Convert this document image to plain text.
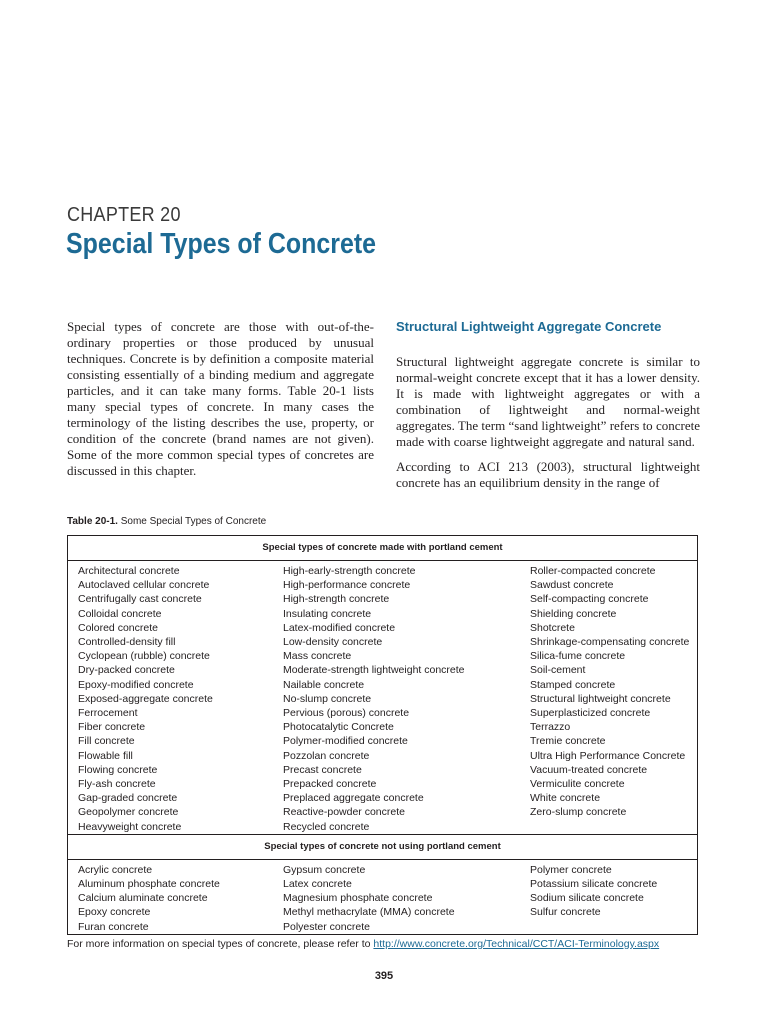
CHAPTER 20
Special Types of Concrete

Special types of concrete are those with out-of-the-ordinary properties or those produced by unusual techniques. Concrete is by definition a composite material consisting essentially of a binding medium and aggregate particles, and it can take many forms. Table 20-1 lists many special types of concrete. In many cases the terminology of the listing describes the use, property, or condition of the concrete (brand names are not given). Some of the more common special types of concretes are discussed in this chapter.

Structural Lightweight Aggregate Concrete

Structural lightweight aggregate concrete is similar to normal-weight concrete except that it has a lower density. It is made with lightweight aggregates or with a combination of lightweight and normal-weight aggregates. The term “sand lightweight” refers to concrete made with coarse lightweight aggregate and natural sand.

According to ACI 213 (2003), structural lightweight concrete has an equilibrium density in the range of

Table 20-1. Some Special Types of Concrete
Special types of concrete made with portland cement
Architectural concrete
Autoclaved cellular concrete
Centrifugally cast concrete
Colloidal concrete
Colored concrete
Controlled-density fill
Cyclopean (rubble) concrete
Dry-packed concrete
Epoxy-modified concrete
Exposed-aggregate concrete
Ferrocement
Fiber concrete
Fill concrete
Flowable fill
Flowing concrete
Fly-ash concrete
Gap-graded concrete
Geopolymer concrete
Heavyweight concrete
High-early-strength concrete
High-performance concrete
High-strength concrete
Insulating concrete
Latex-modified concrete
Low-density concrete
Mass concrete
Moderate-strength lightweight concrete
Nailable concrete
No-slump concrete
Pervious (porous) concrete
Photocatalytic Concrete
Polymer-modified concrete
Pozzolan concrete
Precast concrete
Prepacked concrete
Preplaced aggregate concrete
Reactive-powder concrete
Recycled concrete
Roller-compacted concrete
Sawdust concrete
Self-compacting concrete
Shielding concrete
Shotcrete
Shrinkage-compensating concrete
Silica-fume concrete
Soil-cement
Stamped concrete
Structural lightweight concrete
Superplasticized concrete
Terrazzo
Tremie concrete
Ultra High Performance Concrete
Vacuum-treated concrete
Vermiculite concrete
White concrete
Zero-slump concrete
Special types of concrete not using portland cement
Acrylic concrete
Aluminum phosphate concrete
Calcium aluminate concrete
Epoxy concrete
Furan concrete
Gypsum concrete
Latex concrete
Magnesium phosphate concrete
Methyl methacrylate (MMA) concrete
Polyester concrete
Polymer concrete
Potassium silicate concrete
Sodium silicate concrete
Sulfur concrete
For more information on special types of concrete, please refer to http://www.concrete.org/Technical/CCT/ACI-Terminology.aspx
395
